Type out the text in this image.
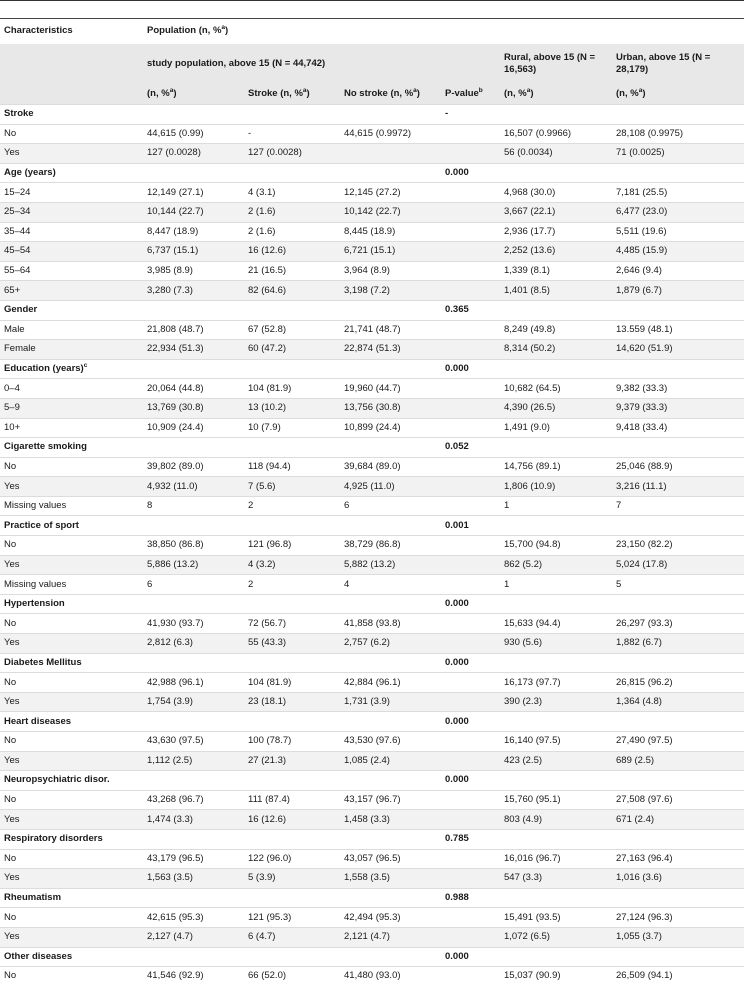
Characteristics	Population (n, %$^a$)					
	study population, above 15 (N = 44,742)				Rural, above 15 (N = 16,563)	Urban, above 15 (N = 28,179)
	(n, %$^a$)	Stroke (n, %$^a$)	No stroke (n, %$^a$)	P-value$^b$	(n, %$^a$)	(n, %$^a$)
Stroke				-		
No	44,615 (0.99)	-	44,615 (0.9972)		16,507 (0.9966)	28,108 (0.9975)
Yes	127 (0.0028)	127 (0.0028)			56 (0.0034)	71 (0.0025)
Age (years)				0.000		
15–24	12,149 (27.1)	4 (3.1)	12,145 (27.2)		4,968 (30.0)	7,181 (25.5)
25–34	10,144 (22.7)	2 (1.6)	10,142 (22.7)		3,667 (22.1)	6,477 (23.0)
35–44	8,447 (18.9)	2 (1.6)	8,445 (18.9)		2,936 (17.7)	5,511 (19.6)
45–54	6,737 (15.1)	16 (12.6)	6,721 (15.1)		2,252 (13.6)	4,485 (15.9)
55–64	3,985 (8.9)	21 (16.5)	3,964 (8.9)		1,339 (8.1)	2,646 (9.4)
65+	3,280 (7.3)	82 (64.6)	3,198 (7.2)		1,401 (8.5)	1,879 (6.7)
Gender				0.365		
Male	21,808 (48.7)	67 (52.8)	21,741 (48.7)		8,249 (49.8)	13.559 (48.1)
Female	22,934 (51.3)	60 (47.2)	22,874 (51.3)		8,314 (50.2)	14,620 (51.9)
Education (years)$^c$				0.000		
0–4	20,064 (44.8)	104 (81.9)	19,960 (44.7)		10,682 (64.5)	9,382 (33.3)
5–9	13,769 (30.8)	13 (10.2)	13,756 (30.8)		4,390 (26.5)	9,379 (33.3)
10+	10,909 (24.4)	10 (7.9)	10,899 (24.4)		1,491 (9.0)	9,418 (33.4)
Cigarette smoking				0.052		
No	39,802 (89.0)	118 (94.4)	39,684 (89.0)		14,756 (89.1)	25,046 (88.9)
Yes	4,932 (11.0)	7 (5.6)	4,925 (11.0)		1,806 (10.9)	3,216 (11.1)
Missing values	8	2	6		1	7
Practice of sport				0.001		
No	38,850 (86.8)	121 (96.8)	38,729 (86.8)		15,700 (94.8)	23,150 (82.2)
Yes	5,886 (13.2)	4 (3.2)	5,882 (13.2)		862 (5.2)	5,024 (17.8)
Missing values	6	2	4		1	5
Hypertension				0.000		
No	41,930 (93.7)	72 (56.7)	41,858 (93.8)		15,633 (94.4)	26,297 (93.3)
Yes	2,812 (6.3)	55 (43.3)	2,757 (6.2)		930 (5.6)	1,882 (6.7)
Diabetes Mellitus				0.000		
No	42,988 (96.1)	104 (81.9)	42,884 (96.1)		16,173 (97.7)	26,815 (96.2)
Yes	1,754 (3.9)	23 (18.1)	1,731 (3.9)		390 (2.3)	1,364 (4.8)
Heart diseases				0.000		
No	43,630 (97.5)	100 (78.7)	43,530 (97.6)		16,140 (97.5)	27,490 (97.5)
Yes	1,112 (2.5)	27 (21.3)	1,085 (2.4)		423 (2.5)	689 (2.5)
Neuropsychiatric disor.				0.000		
No	43,268 (96.7)	111 (87.4)	43,157 (96.7)		15,760 (95.1)	27,508 (97.6)
Yes	1,474 (3.3)	16 (12.6)	1,458 (3.3)		803 (4.9)	671 (2.4)
Respiratory disorders				0.785		
No	43,179 (96.5)	122 (96.0)	43,057 (96.5)		16,016 (96.7)	27,163 (96.4)
Yes	1,563 (3.5)	5 (3.9)	1,558 (3.5)		547 (3.3)	1,016 (3.6)
Rheumatism				0.988		
No	42,615 (95.3)	121 (95.3)	42,494 (95.3)		15,491 (93.5)	27,124 (96.3)
Yes	2,127 (4.7)	6 (4.7)	2,121 (4.7)		1,072 (6.5)	1,055 (3.7)
Other diseases				0.000		
No	41,546 (92.9)	66 (52.0)	41,480 (93.0)		15,037 (90.9)	26,509 (94.1)
